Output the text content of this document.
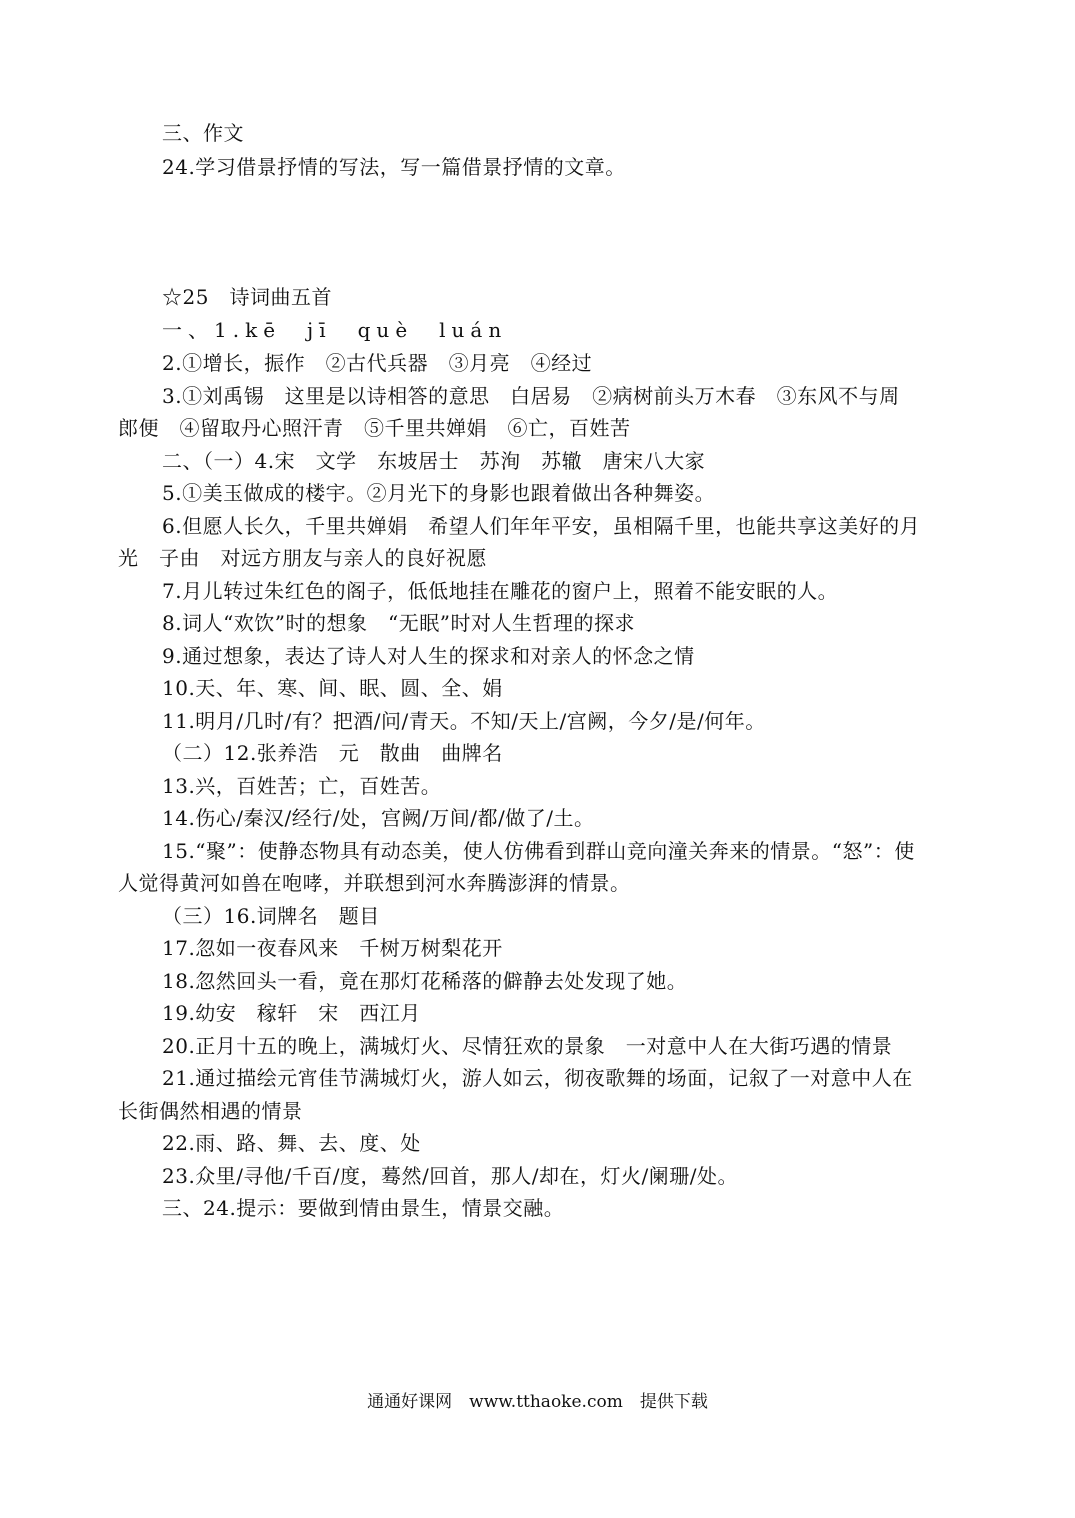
三、作文
24.学习借景抒情的写法，写一篇借景抒情的文章。
☆25　诗词曲五首
一、1.kē　jī　què　luán
2.①增长，振作　②古代兵器　③月亮　④经过
3.①刘禹锡　这里是以诗相答的意思　白居易　②病树前头万木春　③东风不与周
郎便　④留取丹心照汗青　⑤千里共婵娟　⑥亡，百姓苦
二、（一）4.宋　文学　东坡居士　苏洵　苏辙　唐宋八大家
5.①美玉做成的楼宇。②月光下的身影也跟着做出各种舞姿。
6.但愿人长久，千里共婵娟　希望人们年年平安，虽相隔千里，也能共享这美好的月
光　子由　对远方朋友与亲人的良好祝愿
7.月儿转过朱红色的阁子，低低地挂在雕花的窗户上，照着不能安眠的人。
8.词人“欢饮”时的想象　“无眠”时对人生哲理的探求
9.通过想象，表达了诗人对人生的探求和对亲人的怀念之情
10.天、年、寒、间、眠、圆、全、娟
11.明月/几时/有？把酒/问/青天。不知/天上/宫阙，今夕/是/何年。
（二）12.张养浩　元　散曲　曲牌名
13.兴，百姓苦；亡，百姓苦。
14.伤心/秦汉/经行/处，宫阙/万间/都/做了/土。
15.“聚”：使静态物具有动态美，使人仿佛看到群山竞向潼关奔来的情景。“怒”：使
人觉得黄河如兽在咆哮，并联想到河水奔腾澎湃的情景。
（三）16.词牌名　题目
17.忽如一夜春风来　千树万树梨花开
18.忽然回头一看，竟在那灯花稀落的僻静去处发现了她。
19.幼安　稼轩　宋　西江月
20.正月十五的晚上，满城灯火、尽情狂欢的景象　一对意中人在大街巧遇的情景
21.通过描绘元宵佳节满城灯火，游人如云，彻夜歌舞的场面，记叙了一对意中人在
长街偶然相遇的情景
22.雨、路、舞、去、度、处
23.众里/寻他/千百/度，蓦然/回首，那人/却在，灯火/阑珊/处。
三、24.提示：要做到情由景生，情景交融。
通通好课网　www.tthaoke.com　提供下载
